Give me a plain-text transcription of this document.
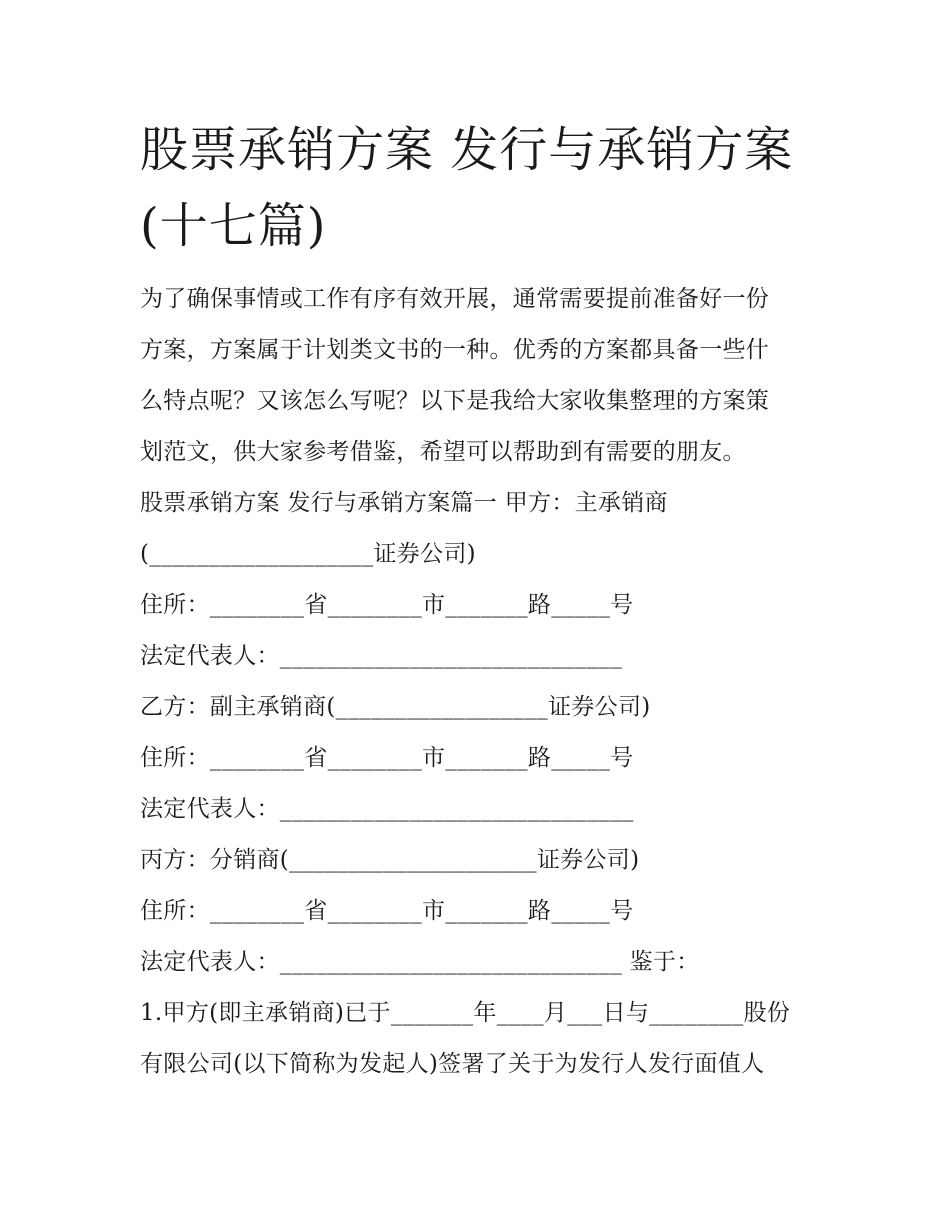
股票承销方案 发行与承销方案
(十七篇)
为了确保事情或工作有序有效开展，通常需要提前准备好一份
方案，方案属于计划类文书的一种。优秀的方案都具备一些什
么特点呢？又该怎么写呢？以下是我给大家收集整理的方案策
划范文，供大家参考借鉴，希望可以帮助到有需要的朋友。
股票承销方案 发行与承销方案篇一 甲方：主承销商
(___________________证券公司)
住所：________省________市_______路_____号
法定代表人：_____________________________
乙方：副主承销商(__________________证券公司)
住所：________省________市_______路_____号
法定代表人：______________________________
丙方：分销商(_____________________证券公司)
住所：________省________市_______路_____号
法定代表人：_____________________________ 鉴于：
1.甲方(即主承销商)已于_______年____月___日与________股份
有限公司(以下简称为发起人)签署了关于为发行人发行面值人
